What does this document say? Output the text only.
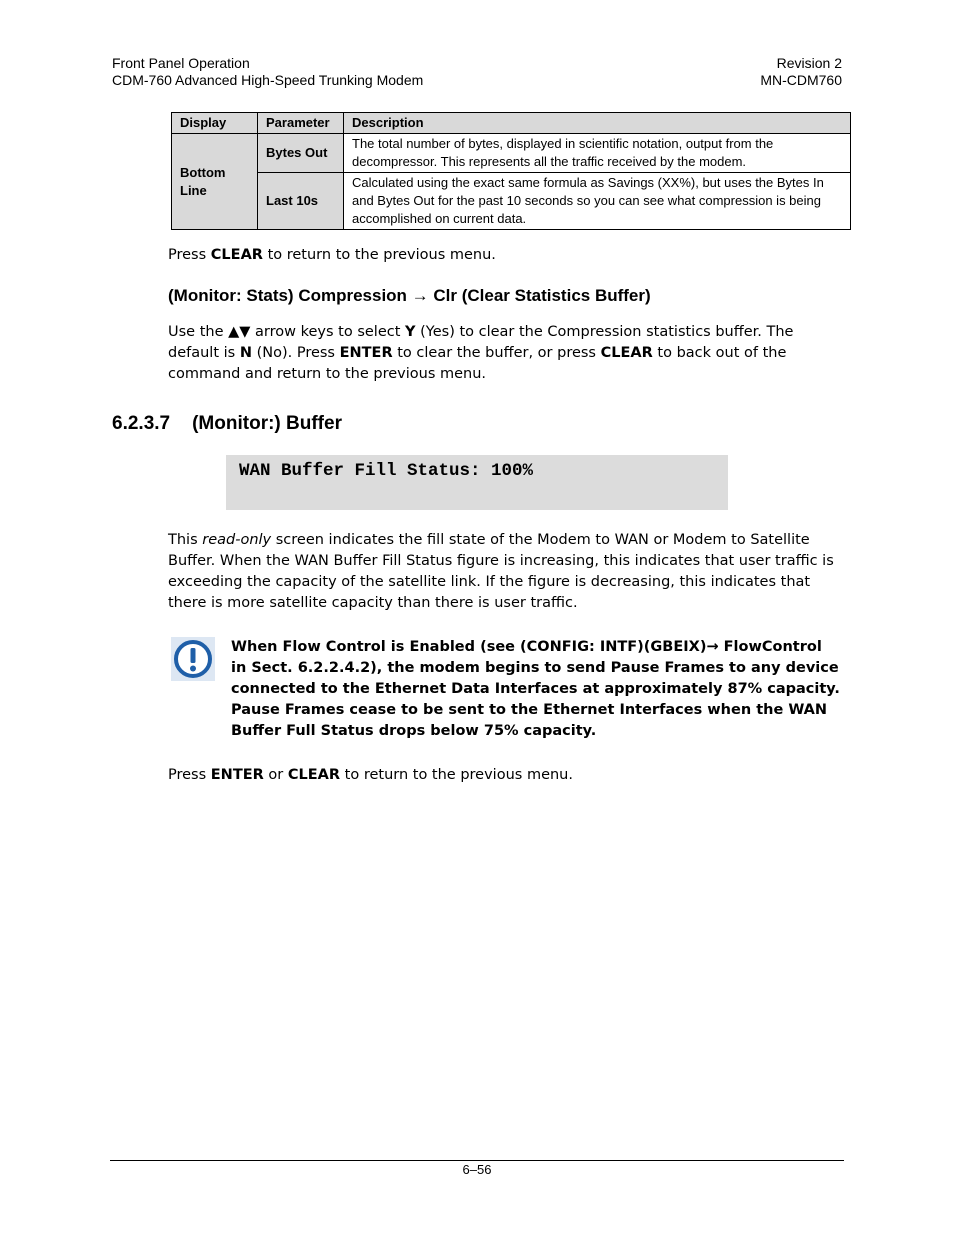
Front Panel Operation
CDM-760 Advanced High-Speed Trunking Modem
Revision 2
MN-CDM760
Display	Parameter	Description
Bottom Line	Bytes Out	The total number of bytes, displayed in scientific notation, output from the decompressor. This represents all the traffic received by the modem.
	Last 10s	Calculated using the exact same formula as Savings (XX%), but uses the Bytes In and Bytes Out for the past 10 seconds so you can see what compression is being accomplished on current data.
Press CLEAR to return to the previous menu.
(Monitor: Stats) Compression → Clr (Clear Statistics Buffer)
Use the ▲▼ arrow keys to select Y (Yes) to clear the Compression statistics buffer. The default is N (No). Press ENTER to clear the buffer, or press CLEAR to back out of the command and return to the previous menu.
6.2.3.7 (Monitor:) Buffer
WAN Buffer Fill Status: 100%
This read-only screen indicates the fill state of the Modem to WAN or Modem to Satellite Buffer. When the WAN Buffer Fill Status figure is increasing, this indicates that user traffic is exceeding the capacity of the satellite link. If the figure is decreasing, this indicates that there is more satellite capacity than there is user traffic.
When Flow Control is Enabled (see (CONFIG: INTF)(GBEIX)→ FlowControl in Sect. 6.2.2.4.2), the modem begins to send Pause Frames to any device connected to the Ethernet Data Interfaces at approximately 87% capacity. Pause Frames cease to be sent to the Ethernet Interfaces when the WAN Buffer Full Status drops below 75% capacity.
Press ENTER or CLEAR to return to the previous menu.
6–56
